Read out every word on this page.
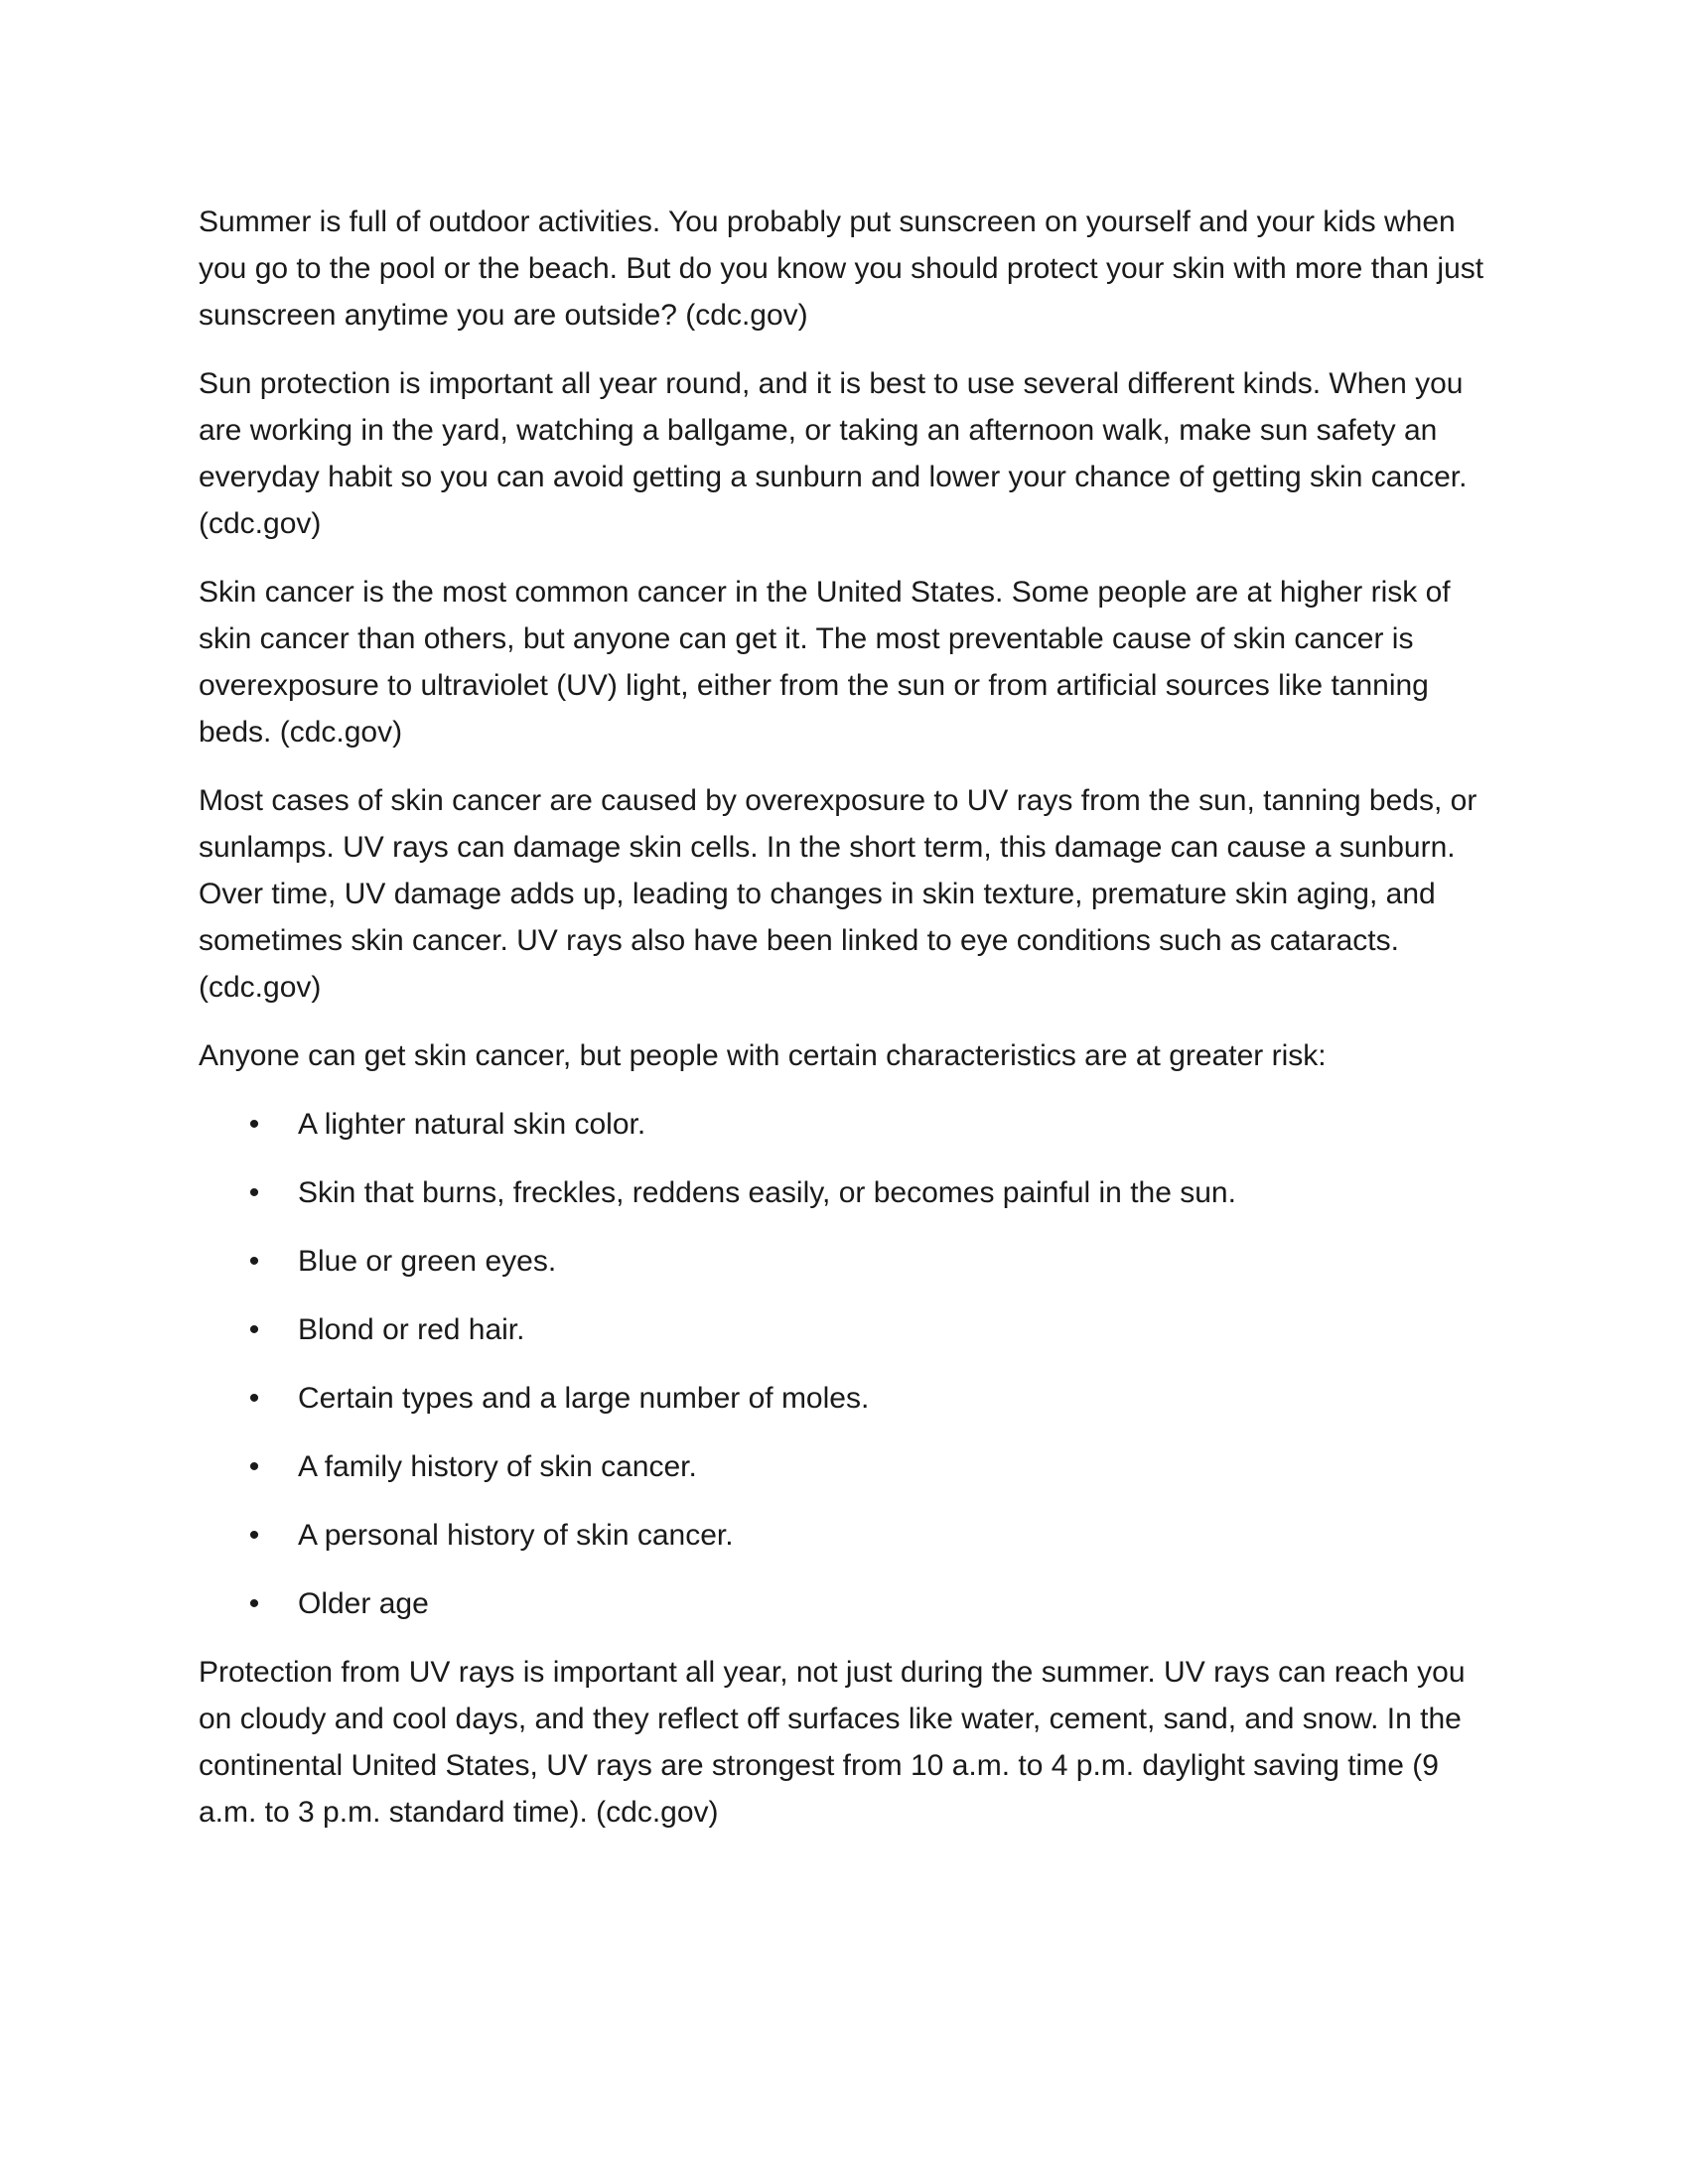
Summer is full of outdoor activities. You probably put sunscreen on yourself and your kids when you go to the pool or the beach. But do you know you should protect your skin with more than just sunscreen anytime you are outside? (cdc.gov)

Sun protection is important all year round, and it is best to use several different kinds. When you are working in the yard, watching a ballgame, or taking an afternoon walk, make sun safety an everyday habit so you can avoid getting a sunburn and lower your chance of getting skin cancer. (cdc.gov)

Skin cancer is the most common cancer in the United States. Some people are at higher risk of skin cancer than others, but anyone can get it. The most preventable cause of skin cancer is overexposure to ultraviolet (UV) light, either from the sun or from artificial sources like tanning beds. (cdc.gov)

Most cases of skin cancer are caused by overexposure to UV rays from the sun, tanning beds, or sunlamps. UV rays can damage skin cells. In the short term, this damage can cause a sunburn. Over time, UV damage adds up, leading to changes in skin texture, premature skin aging, and sometimes skin cancer. UV rays also have been linked to eye conditions such as cataracts. (cdc.gov)

Anyone can get skin cancer, but people with certain characteristics are at greater risk:

• A lighter natural skin color.
• Skin that burns, freckles, reddens easily, or becomes painful in the sun.
• Blue or green eyes.
• Blond or red hair.
• Certain types and a large number of moles.
• A family history of skin cancer.
• A personal history of skin cancer.
• Older age

Protection from UV rays is important all year, not just during the summer. UV rays can reach you on cloudy and cool days, and they reflect off surfaces like water, cement, sand, and snow. In the continental United States, UV rays are strongest from 10 a.m. to 4 p.m. daylight saving time (9 a.m. to 3 p.m. standard time). (cdc.gov)
